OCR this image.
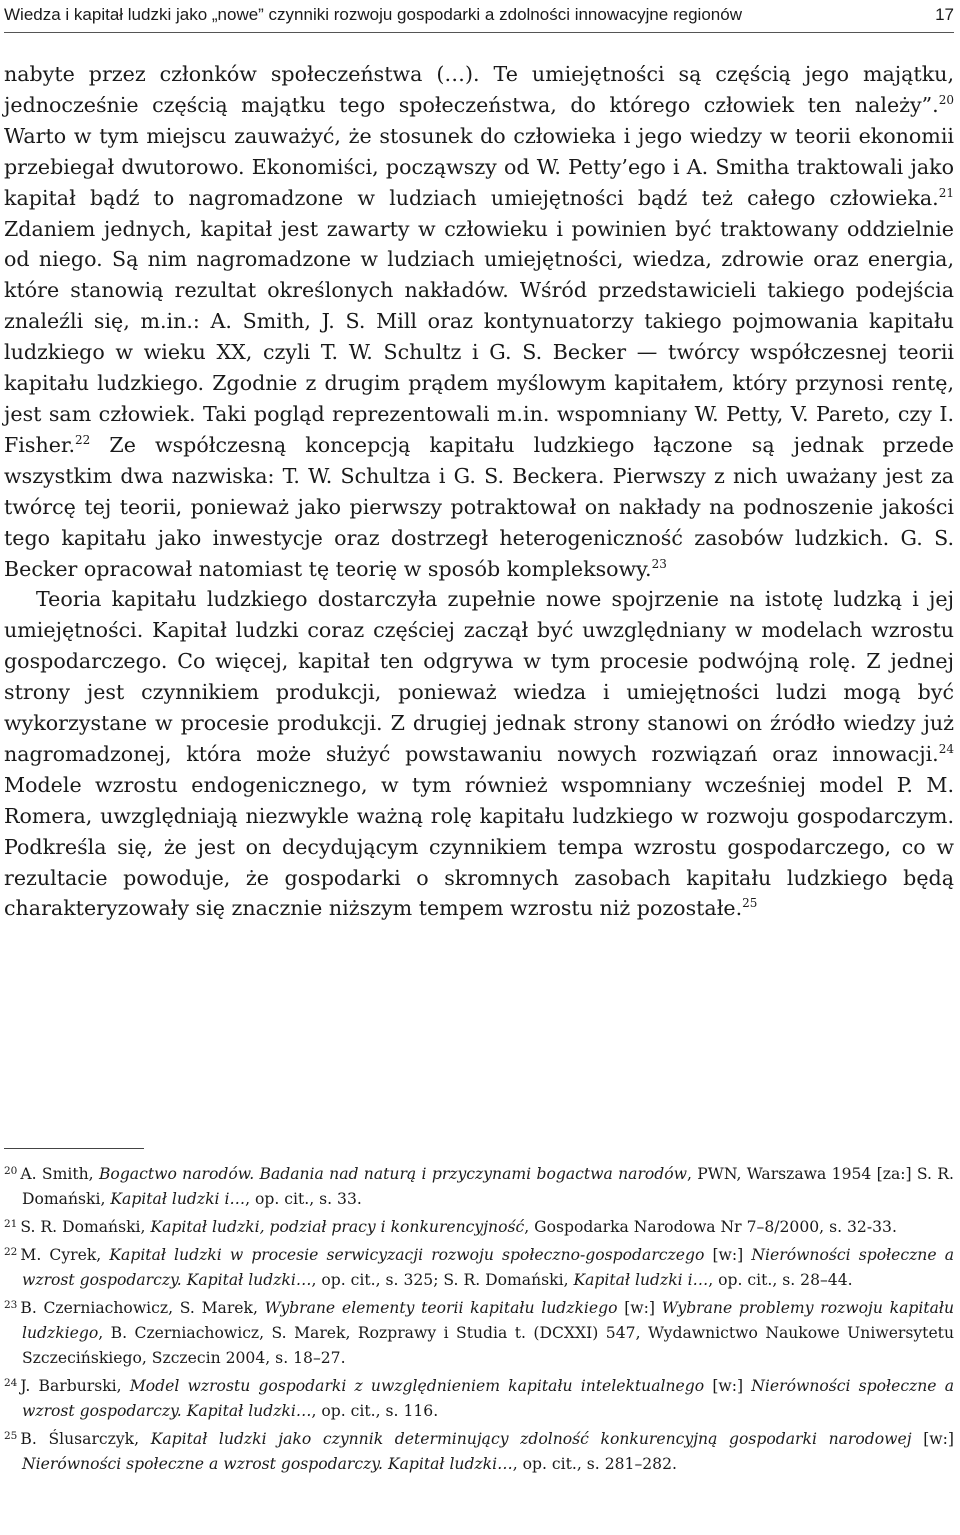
Wiedza i kapitał ludzki jako „nowe” czynniki rozwoju gospodarki a zdolności innowacyjne regionów	17

nabyte przez członków społeczeństwa (…). Te umiejętności są częścią jego majątku, jednocześnie częścią majątku tego społeczeństwa, do którego człowiek ten należy”.$^{20}$ Warto w tym miejscu zauważyć, że stosunek do człowieka i jego wiedzy w teorii ekonomii przebiegał dwutorowo. Ekonomiści, począwszy od W. Petty’ego i A. Smitha traktowali jako kapitał bądź to nagromadzone w ludziach umiejętności bądź też całego człowieka.$^{21}$ Zdaniem jednych, kapitał jest zawarty w człowieku i powinien być traktowany oddzielnie od niego. Są nim nagromadzone w ludziach umiejętności, wiedza, zdrowie oraz energia, które stanowią rezultat określonych nakładów. Wśród przedstawicieli takiego podejścia znaleźli się, m.in.: A. Smith, J. S. Mill oraz kontynuatorzy takiego pojmowania kapitału ludzkiego w wieku XX, czyli T. W. Schultz i G. S. Becker — twórcy współczesnej teorii kapitału ludzkiego. Zgodnie z drugim prądem myślowym kapitałem, który przynosi rentę, jest sam człowiek. Taki pogląd reprezentowali m.in. wspomniany W. Petty, V. Pareto, czy I. Fisher.$^{22}$ Ze współczesną koncepcją kapitału ludzkiego łączone są jednak przede wszystkim dwa nazwiska: T. W. Schultza i G. S. Beckera. Pierwszy z nich uważany jest za twórcę tej teorii, ponieważ jako pierwszy potraktował on nakłady na podnoszenie jakości tego kapitału jako inwestycje oraz dostrzegł heterogeniczność zasobów ludzkich. G. S. Becker opracował natomiast tę teorię w sposób kompleksowy.$^{23}$

Teoria kapitału ludzkiego dostarczyła zupełnie nowe spojrzenie na istotę ludzką i jej umiejętności. Kapitał ludzki coraz częściej zaczął być uwzględniany w modelach wzrostu gospodarczego. Co więcej, kapitał ten odgrywa w tym procesie podwójną rolę. Z jednej strony jest czynnikiem produkcji, ponieważ wiedza i umiejętności ludzi mogą być wykorzystane w procesie produkcji. Z drugiej jednak strony stanowi on źródło wiedzy już nagromadzonej, która może służyć powstawaniu nowych rozwiązań oraz innowacji.$^{24}$ Modele wzrostu endogenicznego, w tym również wspomniany wcześniej model P. M. Romera, uwzględniają niezwykle ważną rolę kapitału ludzkiego w rozwoju gospodarczym. Podkreśla się, że jest on decydującym czynnikiem tempa wzrostu gospodarczego, co w rezultacie powoduje, że gospodarki o skromnych zasobach kapitału ludzkiego będą charakteryzowały się znacznie niższym tempem wzrostu niż pozostałe.$^{25}$

$^{20}$ A. Smith, Bogactwo narodów. Badania nad naturą i przyczynami bogactwa narodów, PWN, Warszawa 1954 [za:] S. R. Domański, Kapitał ludzki i…, op. cit., s. 33.

$^{21}$ S. R. Domański, Kapitał ludzki, podział pracy i konkurencyjność, Gospodarka Narodowa Nr 7–8/2000, s. 32-33.

$^{22}$ M. Cyrek, Kapitał ludzki w procesie serwicyzacji rozwoju społeczno-gospodarczego [w:] Nierówności społeczne a wzrost gospodarczy. Kapitał ludzki…, op. cit., s. 325; S. R. Domański, Kapitał ludzki i…, op. cit., s. 28–44.

$^{23}$ B. Czerniachowicz, S. Marek, Wybrane elementy teorii kapitału ludzkiego [w:] Wybrane problemy rozwoju kapitału ludzkiego, B. Czerniachowicz, S. Marek, Rozprawy i Studia t. (DCXXI) 547, Wydawnictwo Naukowe Uniwersytetu Szczecińskiego, Szczecin 2004, s. 18–27.

$^{24}$ J. Barburski, Model wzrostu gospodarki z uwzględnieniem kapitału intelektualnego [w:] Nierówności społeczne a wzrost gospodarczy. Kapitał ludzki…, op. cit., s. 116.

$^{25}$ B. Ślusarczyk, Kapitał ludzki jako czynnik determinujący zdolność konkurencyjną gospodarki narodowej [w:] Nierówności społeczne a wzrost gospodarczy. Kapitał ludzki…, op. cit., s. 281–282.
